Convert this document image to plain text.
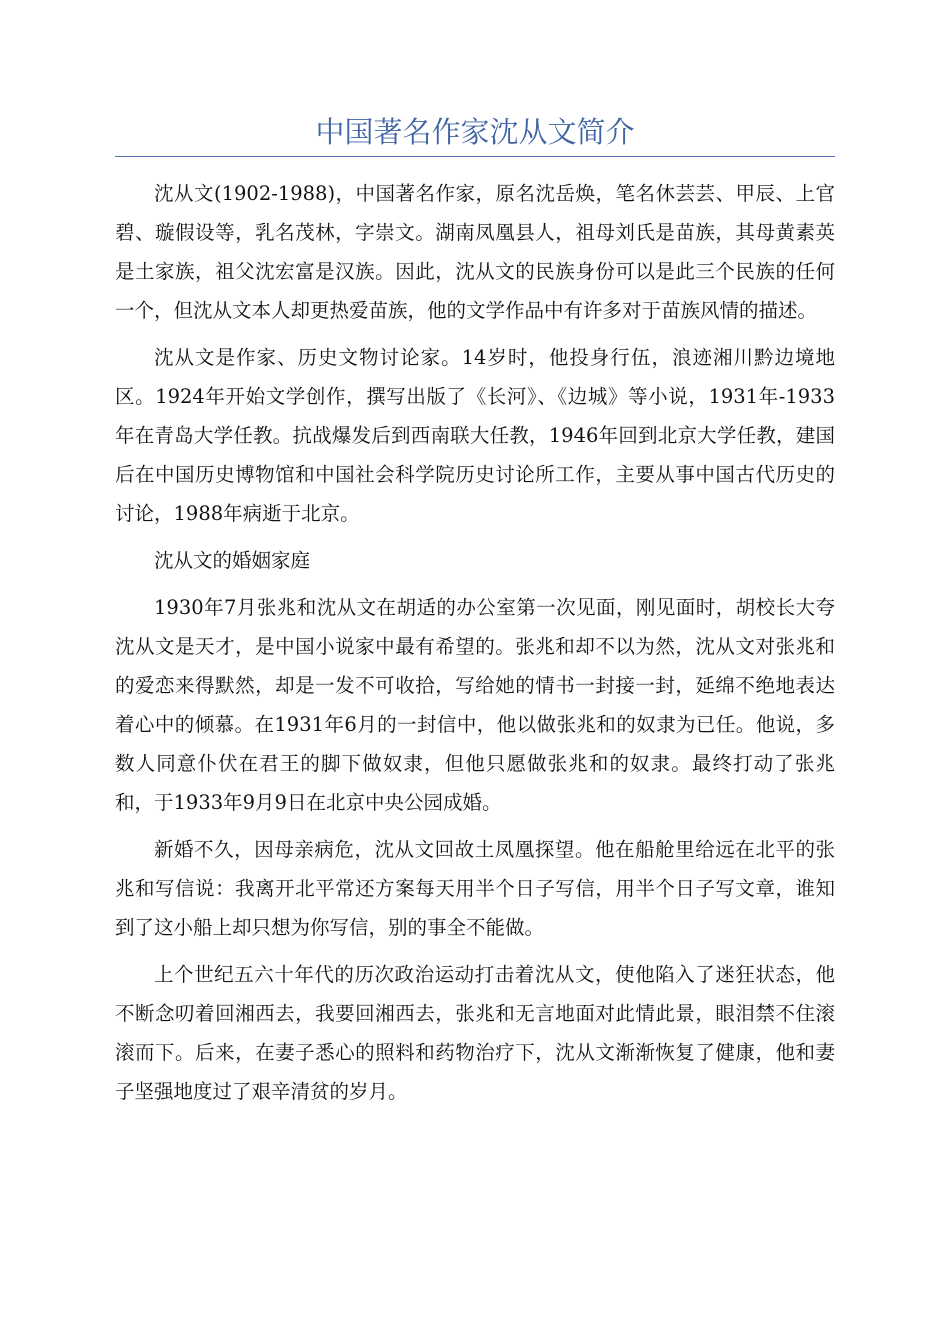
中国著名作家沈从文简介

沈从文(1902-1988)，中国著名作家，原名沈岳焕，笔名休芸芸、甲辰、上官碧、璇假设等，乳名茂林，字崇文。湖南凤凰县人，祖母刘氏是苗族，其母黄素英是土家族，祖父沈宏富是汉族。因此，沈从文的民族身份可以是此三个民族的任何一个，但沈从文本人却更热爱苗族，他的文学作品中有许多对于苗族风情的描述。

沈从文是作家、历史文物讨论家。14岁时，他投身行伍，浪迹湘川黔边境地区。1924年开始文学创作，撰写出版了《长河》、《边城》等小说，1931年-1933年在青岛大学任教。抗战爆发后到西南联大任教，1946年回到北京大学任教，建国后在中国历史博物馆和中国社会科学院历史讨论所工作，主要从事中国古代历史的讨论，1988年病逝于北京。

沈从文的婚姻家庭

1930年7月张兆和沈从文在胡适的办公室第一次见面，刚见面时，胡校长大夸沈从文是天才，是中国小说家中最有希望的。张兆和却不以为然，沈从文对张兆和的爱恋来得默然，却是一发不可收拾，写给她的情书一封接一封，延绵不绝地表达着心中的倾慕。在1931年6月的一封信中，他以做张兆和的奴隶为已任。他说，多数人同意仆伏在君王的脚下做奴隶，但他只愿做张兆和的奴隶。最终打动了张兆和，于1933年9月9日在北京中央公园成婚。

新婚不久，因母亲病危，沈从文回故土凤凰探望。他在船舱里给远在北平的张兆和写信说：我离开北平常还方案每天用半个日子写信，用半个日子写文章，谁知到了这小船上却只想为你写信，别的事全不能做。

上个世纪五六十年代的历次政治运动打击着沈从文，使他陷入了迷狂状态，他不断念叨着回湘西去，我要回湘西去，张兆和无言地面对此情此景，眼泪禁不住滚滚而下。后来，在妻子悉心的照料和药物治疗下，沈从文渐渐恢复了健康，他和妻子坚强地度过了艰辛清贫的岁月。
